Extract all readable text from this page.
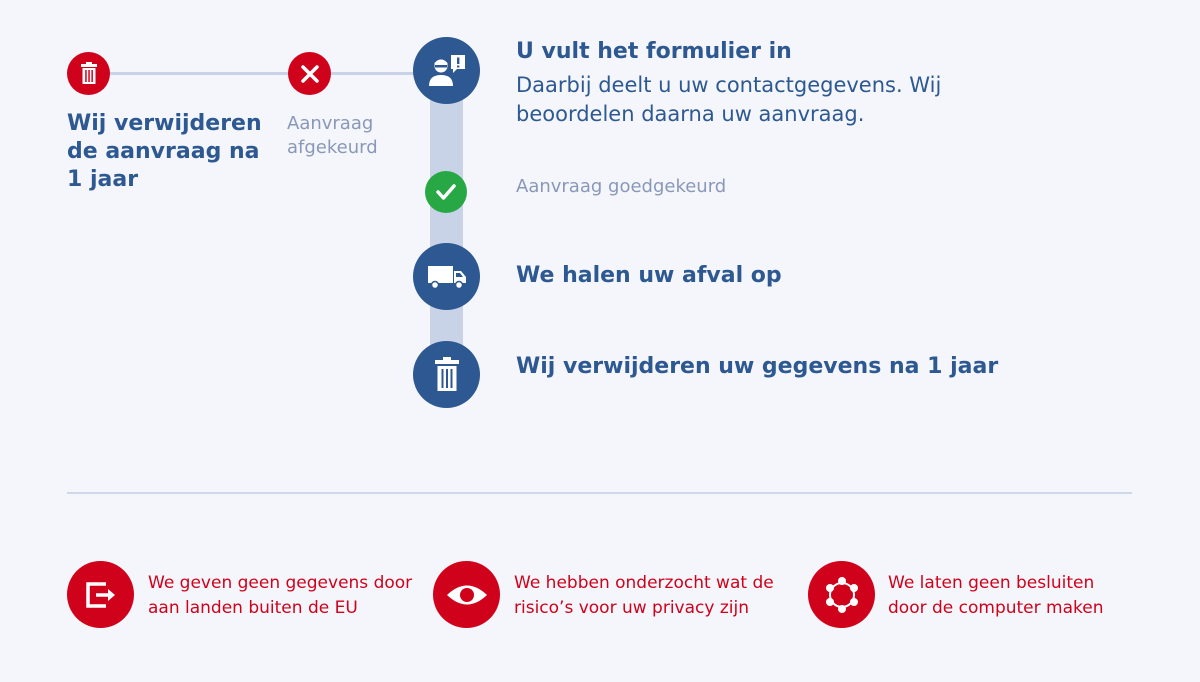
Wij verwijderen de aanvraag na 1 jaar
Aanvraag afgekeurd
U vult het formulier in
Daarbij deelt u uw contactgegevens. Wij beoordelen daarna uw aanvraag.
Aanvraag goedgekeurd
We halen uw afval op
Wij verwijderen uw gegevens na 1 jaar
We geven geen gegevens door aan landen buiten de EU
We hebben onderzocht wat de risico’s voor uw privacy zijn
We laten geen besluiten door de computer maken
